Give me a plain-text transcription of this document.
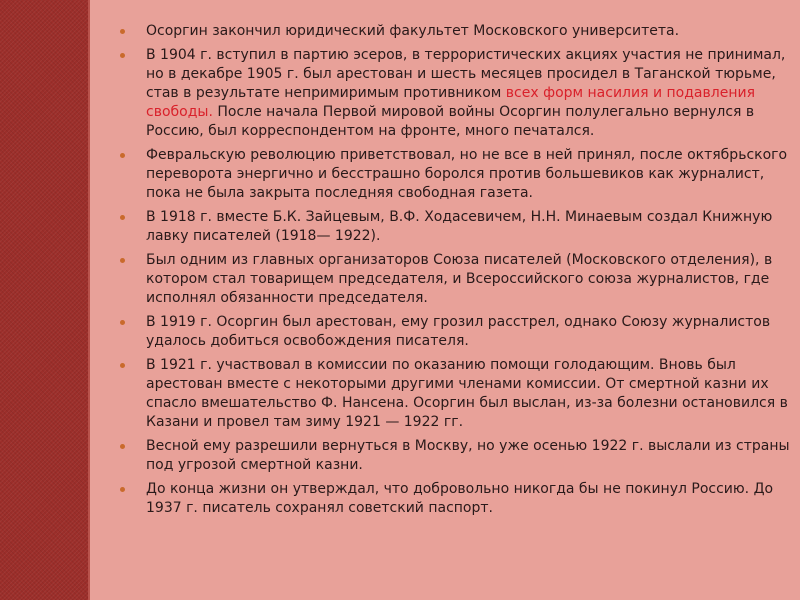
Осоргин закончил юридический факультет Московского университета.
В 1904 г. вступил в партию эсеров, в террористических акциях участия не принимал, но в декабре 1905 г. был арестован и шесть месяцев просидел в Таганской тюрьме, став в результате непримиримым противником всех форм насилия и подавления свободы. После начала Первой мировой войны Осоргин полулегально вернулся в Россию, был корреспондентом на фронте, много печатался.
Февральскую революцию приветствовал, но не все в ней принял, после октябрьского переворота энергично и бесстрашно боролся против большевиков как журналист, пока не была закрыта последняя свободная газета.
В 1918 г. вместе Б.К. Зайцевым, В.Ф. Ходасевичем, Н.Н. Минаевым создал Книжную лавку писателей (1918— 1922).
Был одним из главных организаторов Союза писателей (Московского отделения), в котором стал товарищем председателя, и Всероссийского союза журналистов, где исполнял обязанности председателя.
В 1919 г. Осоргин был арестован, ему грозил расстрел, однако Союзу журналистов удалось добиться освобождения писателя.
В 1921 г. участвовал в комиссии по оказанию помощи голодающим. Вновь был арестован вместе с некоторыми другими членами комиссии. От смертной казни их спасло вмешательство Ф. Нансена. Осоргин был выслан, из-за болезни остановился в Казани и провел там зиму 1921 — 1922 гг.
Весной ему разрешили вернуться в Москву, но уже осенью 1922 г. выслали из страны под угрозой смертной казни.
До конца жизни он утверждал, что добровольно никогда бы не покинул Россию. До 1937 г. писатель сохранял советский паспорт.
